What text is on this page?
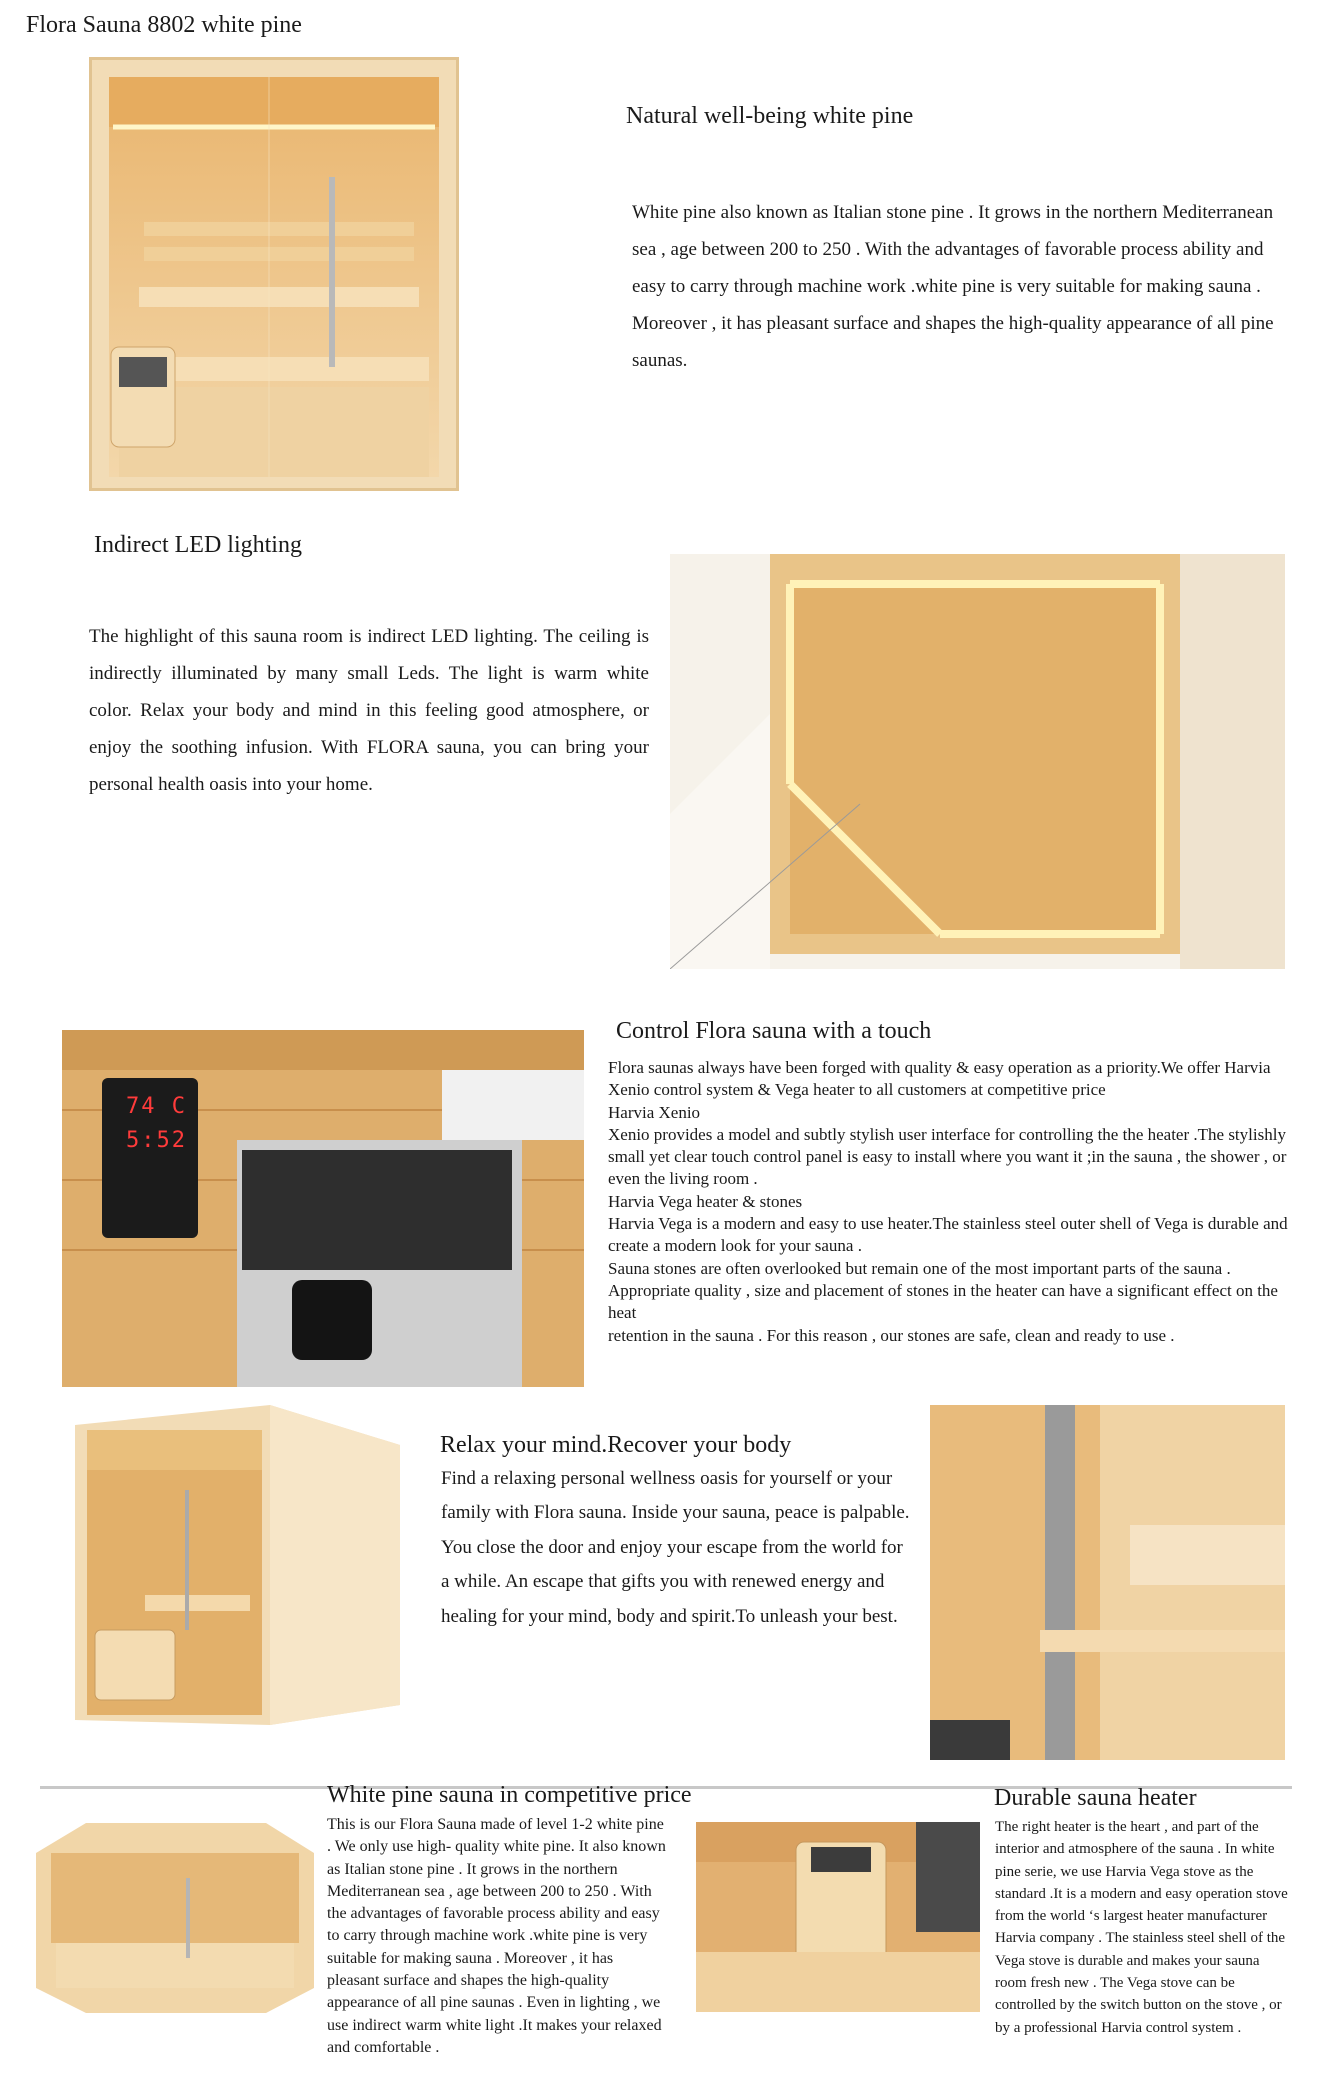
Flora Sauna 8802 white pine
Natural well-being white pine
White pine also known as Italian stone pine . It grows in the northern Mediterranean sea , age between 200 to 250 . With the advantages of favorable process ability and easy to carry through machine work .white pine is very suitable for making sauna . Moreover , it has pleasant surface and shapes the high-quality appearance of all pine saunas.
Indirect LED lighting
The highlight of this sauna room is indirect LED lighting. The ceiling is indirectly illuminated by many small Leds. The light is warm white color. Relax your body and mind in this feeling good atmosphere, or enjoy the soothing infusion. With FLORA sauna, you can bring your personal health oasis into your home.
74 C
5:52
Control Flora sauna with a touch

Flora saunas always have been forged with quality & easy operation as a priority.We offer Harvia Xenio control system & Vega heater to all customers at competitive price

Harvia Xenio

Xenio provides a model and subtly stylish user interface for controlling the the heater .The stylishly small yet clear touch control panel is easy to install where you want it ;in the sauna , the shower , or even the living room .

Harvia Vega heater & stones

Harvia Vega is a modern and easy to use heater.The stainless steel outer shell of Vega is durable and create a modern look for your sauna .

Sauna stones are often overlooked but remain one of the most important parts of the sauna .

Appropriate quality , size and placement of stones in the heater can have a significant effect on the heat

retention in the sauna . For this reason , our stones are safe, clean and ready to use .

Relax your mind.Recover your body
Find a relaxing personal wellness oasis for yourself or your family with Flora sauna. Inside your sauna, peace is palpable. You close the door and enjoy your escape from the world for a while. An escape that gifts you with renewed energy and healing for your mind, body and spirit.To unleash your best.
White pine sauna in competitive price
This is our Flora Sauna made of level 1-2 white pine . We only use high- quality white pine. It also known as Italian stone pine . It grows in the northern Mediterranean sea , age between 200 to 250 . With the advantages of favorable process ability and easy to carry through machine work .white pine is very suitable for making sauna . Moreover , it has pleasant surface and shapes the high-quality appearance of all pine saunas . Even in lighting , we use indirect warm white light .It makes your relaxed and comfortable .
Durable sauna heater
The right heater is the heart , and part of the interior and atmosphere of the sauna . In white pine serie, we use Harvia Vega stove as the standard .It is a modern and easy operation stove from the world ‘s largest heater manufacturer Harvia company . The stainless steel shell of the Vega stove is durable and makes your sauna room fresh new . The Vega stove can be controlled by the switch button on the stove , or by a professional Harvia control system .
